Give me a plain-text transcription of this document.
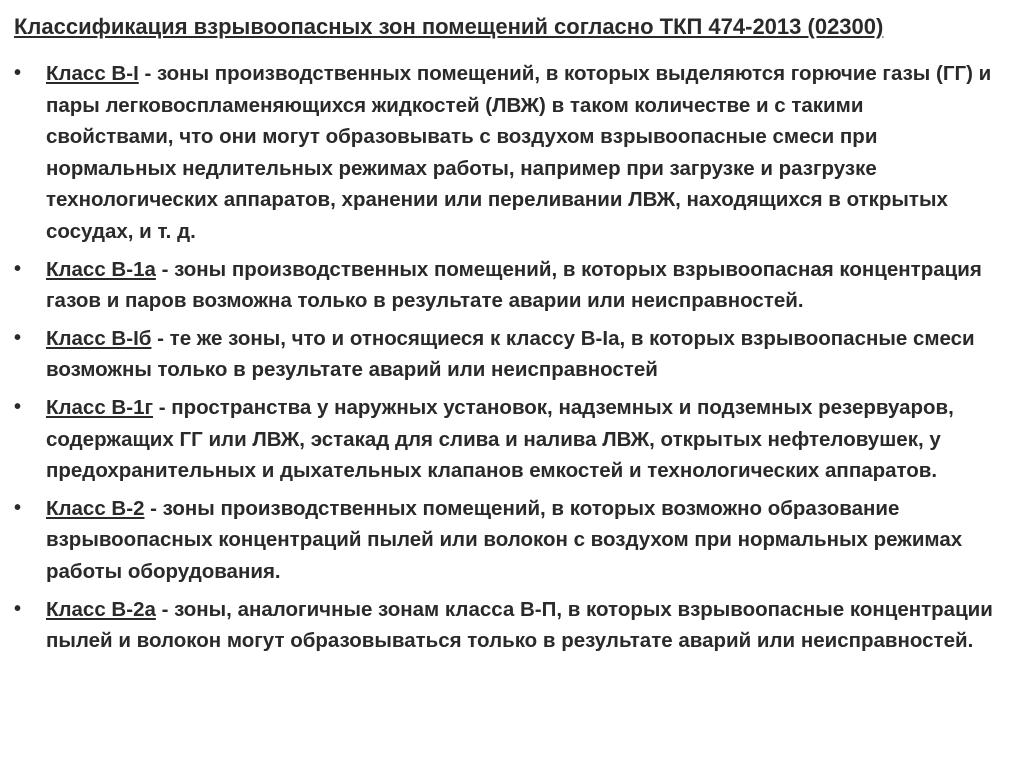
Классификация взрывоопасных зон помещений согласно ТКП 474-2013 (02300)
• Класс В-I - зоны производственных помещений, в которых выделяются горючие газы (ГГ) и пары легковоспламеняющихся жидкостей (ЛВЖ) в таком количестве и с такими свойствами, что они могут образовывать с воздухом взрывоопасные смеси при нормальных недлительных режимах работы, например при загрузке и разгрузке технологических аппаратов, хранении или переливании ЛВЖ, находящихся в открытых сосудах, и т. д.
• Класс В-1а - зоны производственных помещений, в которых взрывоопасная концентрация газов и паров возможна только в результате аварии или неисправностей.
• Класс В-Iб - те же зоны, что и относящиеся к классу В-Iа, в которых взрывоопасные смеси возможны только в результате аварий или неисправностей
• Класс В-1г - пространства у наружных установок, надземных и подземных резервуаров, содержащих ГГ или ЛВЖ, эстакад для слива и налива ЛВЖ, открытых нефтеловушек, у предохранительных и дыхательных клапанов емкостей и технологических аппаратов.
• Класс В-2 - зоны производственных помещений, в которых возможно образование взрывоопасных концентраций пылей или волокон с воздухом при нормальных режимах работы оборудования.
• Класс В-2а - зоны, аналогичные зонам класса В-П, в которых взрывоопасные концентрации пылей и волокон могут образовываться только в результате аварий или неисправностей.
